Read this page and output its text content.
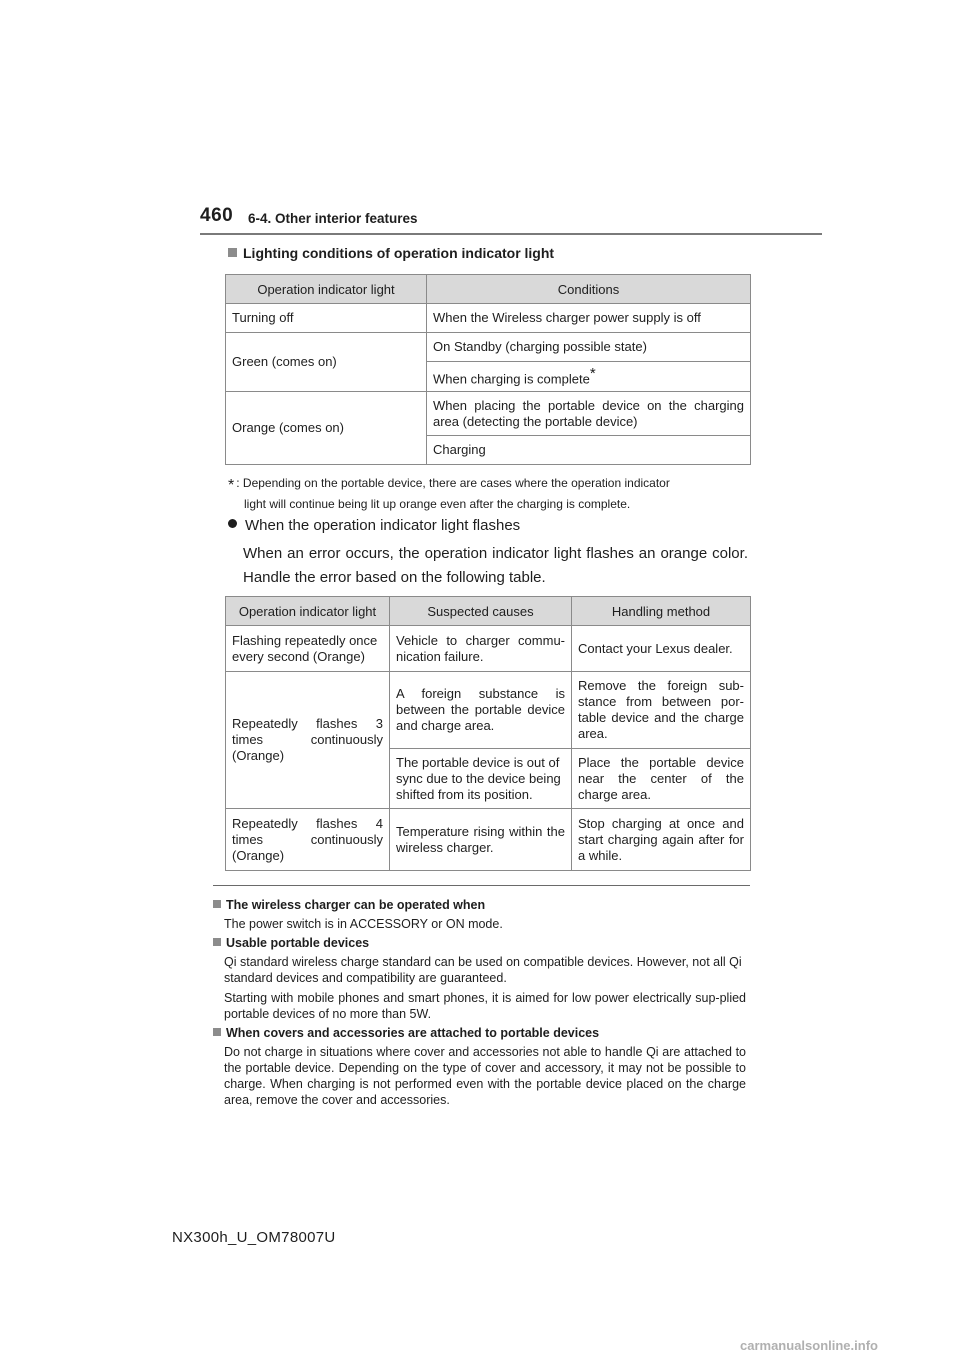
460 6-4. Other interior features
Lighting conditions of operation indicator light
Operation indicator light	Conditions
Turning off	When the Wireless charger power supply is off
Green (comes on)	On Standby (charging possible state)
	When charging is complete*
Orange (comes on)	When placing the portable device on the charging area (detecting the portable device)
	Charging
* : Depending on the portable device, there are cases where the operation indicator
light will continue being lit up orange even after the charging is complete.
When the operation indicator light flashes
When an error occurs, the operation indicator light flashes an orange color. Handle the error based on the following table.
Operation indicator light	Suspected causes	Handling method
Flashing repeatedly once every second (Orange)	Vehicle to charger commu-nication failure.	Contact your Lexus dealer.
Repeatedly flashes 3 times continuously (Orange)	A foreign substance is between the portable device and charge area.	Remove the foreign sub-stance from between por-table device and the charge area.
	The portable device is out of sync due to the device being shifted from its position.	Place the portable device near the center of the charge area.
Repeatedly flashes 4 times continuously (Orange)	Temperature rising within the wireless charger.	Stop charging at once and start charging again after for a while.
The wireless charger can be operated when
The power switch is in ACCESSORY or ON mode.
Usable portable devices
Qi standard wireless charge standard can be used on compatible devices. However, not all Qi standard devices and compatibility are guaranteed.
Starting with mobile phones and smart phones, it is aimed for low power electrically sup-plied portable devices of no more than 5W.
When covers and accessories are attached to portable devices
Do not charge in situations where cover and accessories not able to handle Qi are attached to the portable device. Depending on the type of cover and accessory, it may not be possible to charge. When charging is not performed even with the portable device placed on the charge area, remove the cover and accessories.
NX300h_U_OM78007U
carmanualsonline.info
